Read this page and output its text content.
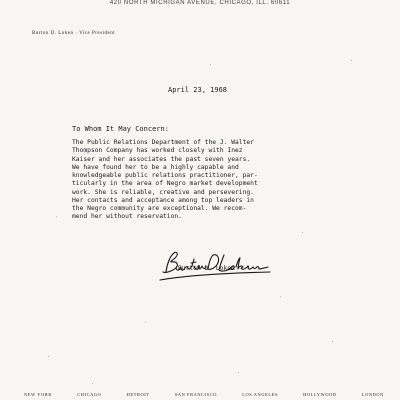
420 NORTH MICHIGAN AVENUE, CHICAGO, ILL. 60611
Burton D. Loken · Vice President
April 23, 1968
To Whom It May Concern:
The Public Relations Department of the J. Walter
Thompson Company has worked closely with Inez
Kaiser and her associates the past seven years.
We have found her to be a highly capable and
knowledgeable public relations practitioner, par-
ticularly in the area of Negro market development
work. She is reliable, creative and persevering.
Her contacts and acceptance among top leaders in
the Negro community are exceptional. We recom-
mend her without reservation.
Burton D. Loken
NEW YORK	CHICAGO	DETROIT	SAN FRANCISCO	LOS ANGELES	HOLLYWOOD	LONDON
